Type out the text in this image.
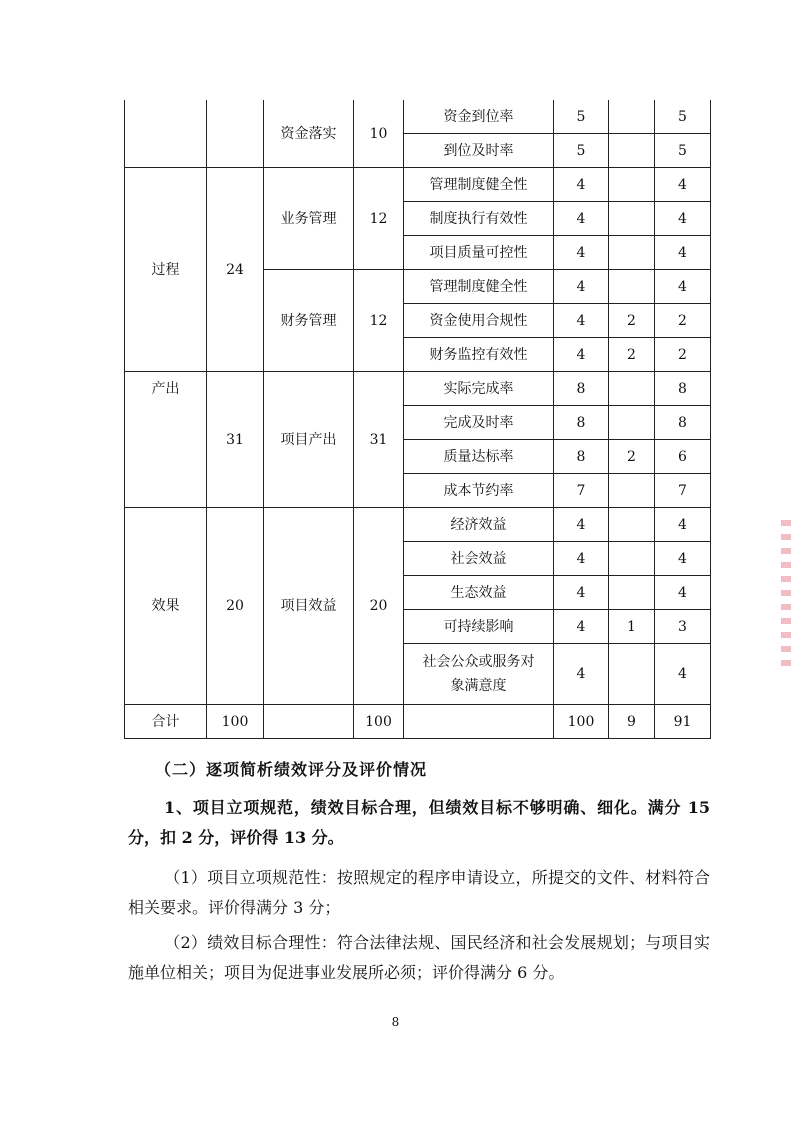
		资金落实	10	资金到位率	5		5
				到位及时率	5		5
过程	24	业务管理	12	管理制度健全性	4		4
				制度执行有效性	4		4
				项目质量可控性	4		4
		财务管理	12	管理制度健全性	4		4
				资金使用合规性	4	2	2
				财务监控有效性	4	2	2
产出	31	项目产出	31	实际完成率	8		8
				完成及时率	8		8
				质量达标率	8	2	6
				成本节约率	7		7
效果	20	项目效益	20	经济效益	4		4
				社会效益	4		4
				生态效益	4		4
				可持续影响	4	1	3

				社会公众或服务对
象满意度	4		4
合计	100		100		100	9	91
（二）逐项简析绩效评分及评价情况
1、项目立项规范，绩效目标合理，但绩效目标不够明确、细化。满分 15 分，扣 2 分，评价得 13 分。
（1）项目立项规范性：按照规定的程序申请设立，所提交的文件、材料符合相关要求。评价得满分 3 分；
（2）绩效目标合理性：符合法律法规、国民经济和社会发展规划；与项目实施单位相关；项目为促进事业发展所必须；评价得满分 6 分。
8
